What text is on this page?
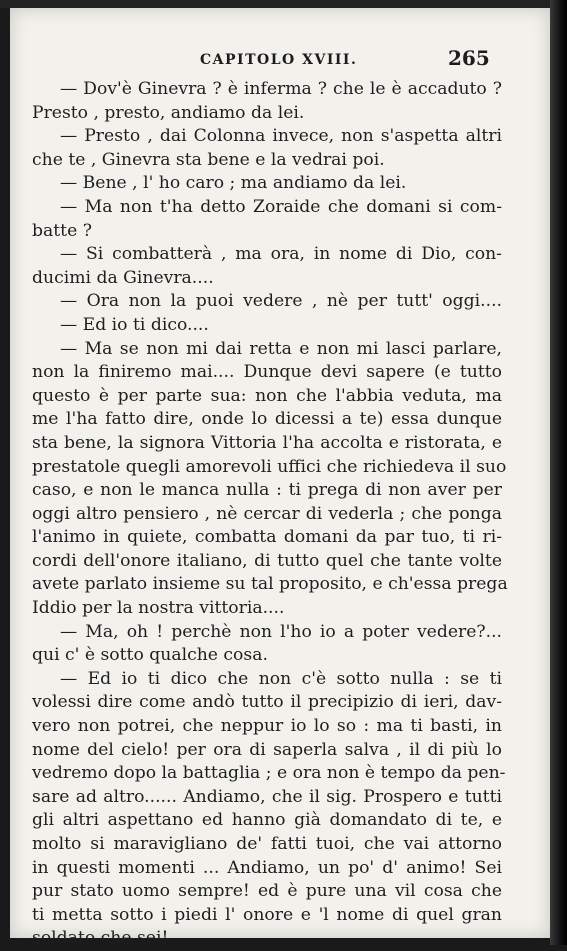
CAPITOLO XVIII.	265
— Dov'è Ginevra ? è inferma ? che le è accaduto ?
Presto , presto, andiamo da lei.
— Presto , dai Colonna invece, non s'aspetta altri
che te , Ginevra sta bene e la vedrai poi.
— Bene , l' ho caro ; ma andiamo da lei.
— Ma non t'ha detto Zoraide che domani si com-
batte ?
— Si combatterà , ma ora, in nome di Dio, con-
ducimi da Ginevra....
— Ora non la puoi vedere , nè per tutt' oggi....
— Ed io ti dico....
— Ma se non mi dai retta e non mi lasci parlare,
non la finiremo mai.... Dunque devi sapere (e tutto
questo è per parte sua: non che l'abbia veduta, ma
me l'ha fatto dire, onde lo dicessi a te) essa dunque
sta bene, la signora Vittoria l'ha accolta e ristorata, e
prestatole quegli amorevoli uffici che richiedeva il suo
caso, e non le manca nulla : ti prega di non aver per
oggi altro pensiero , nè cercar di vederla ; che ponga
l'animo in quiete, combatta domani da par tuo, ti ri-
cordi dell'onore italiano, di tutto quel che tante volte
avete parlato insieme su tal proposito, e ch'essa prega
Iddio per la nostra vittoria....
— Ma, oh ! perchè non l'ho io a poter vedere?...
qui c' è sotto qualche cosa.
— Ed io ti dico che non c'è sotto nulla : se ti
volessi dire come andò tutto il precipizio di ieri, dav-
vero non potrei, che neppur io lo so : ma ti basti, in
nome del cielo! per ora di saperla salva , il di più lo
vedremo dopo la battaglia ; e ora non è tempo da pen-
sare ad altro...... Andiamo, che il sig. Prospero e tutti
gli altri aspettano ed hanno già domandato di te, e
molto si maravigliano de' fatti tuoi, che vai attorno
in questi momenti ... Andiamo, un po' d' animo! Sei
pur stato uomo sempre! ed è pure una vil cosa che
ti metta sotto i piedi l' onore e 'l nome di quel gran
soldato che sei!
